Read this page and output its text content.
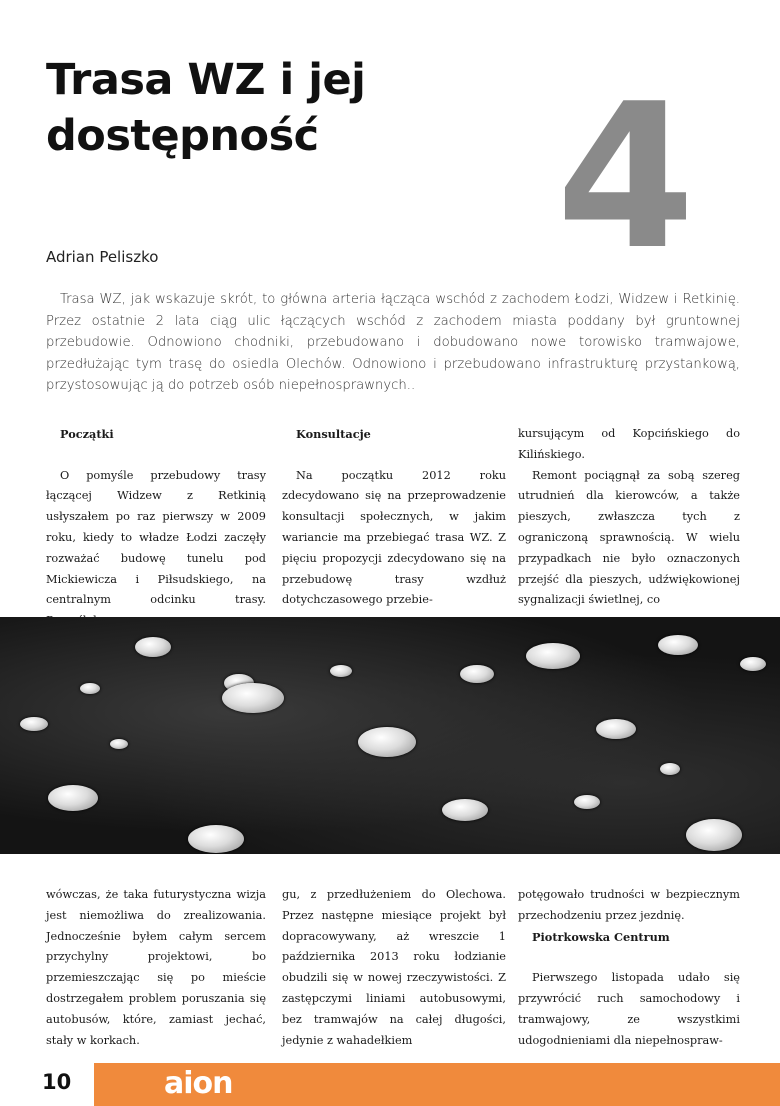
Trasa WZ i jej dostępność	4
Adrian Peliszko

Trasa WZ, jak wskazuje skrót, to główna arteria łącząca wschód z zachodem Łodzi, Widzew i Retkinię. Przez ostatnie 2 lata ciąg ulic łączących wschód z zachodem miasta poddany był gruntownej przebudowie. Odnowiono chodniki, przebudowano i dobudowano nowe torowisko tramwajowe, przedłużając tym trasę do osiedla Olechów. Odnowiono i przebudowano infrastrukturę przystankową, przystosowując ją do potrzeb osób niepełnosprawnych..

Początki

O pomyśle przebudowy trasy łączącej Widzew z Retkinią usłyszałem po raz pierwszy w 2009 roku, kiedy to władze Łodzi zaczęły rozważać budowę tunelu pod Mickiewicza i Piłsudskiego, na centralnym odcinku trasy.

Konsultacje

Na początku 2012 roku zdecydowano się na przeprowadzenie konsultacji społecznych, w jakim wariancie ma przebiegać trasa WZ. Z pięciu propozycji zdecydowano się na przebudowę trasy wzdłuż dotychczasowego przebie-

kursującym od Kopcińskiego do Kilińskiego.

Remont pociągnął za sobą szereg utrudnień dla kierowców, a także pieszych, zwłaszcza tych z ograniczoną sprawnością. W wielu przypadkach nie było oznaczonych przejść dla pieszych, udźwiękowionej sygnalizacji świetlnej, co

wówczas, że taka futurystyczna wizja jest niemożliwa do zrealizowania. Jednocześnie byłem całym sercem przychylny projektowi, bo przemieszczając się po mieście dostrzegałem problem poruszania się autobusów, które, zamiast jechać, stały w korkach.
gu, z przedłużeniem do Olechowa. Przez następne miesiące projekt był dopracowywany, aż wreszcie 1 października 2013 roku łodzianie obudzili się w nowej rzeczywistości. Z zastępczymi liniami autobusowymi, bez tramwajów na całej długości, jedynie z wahadełkiem
potęgowało trudności w bezpiecznym przechodzeniu przez jezdnię.
Piotrkowska Centrum

Pierwszego listopada udało się przywrócić ruch samochodowy i tramwajowy, ze wszystkimi udogodnieniami dla niepełnospraw-

10	aion
